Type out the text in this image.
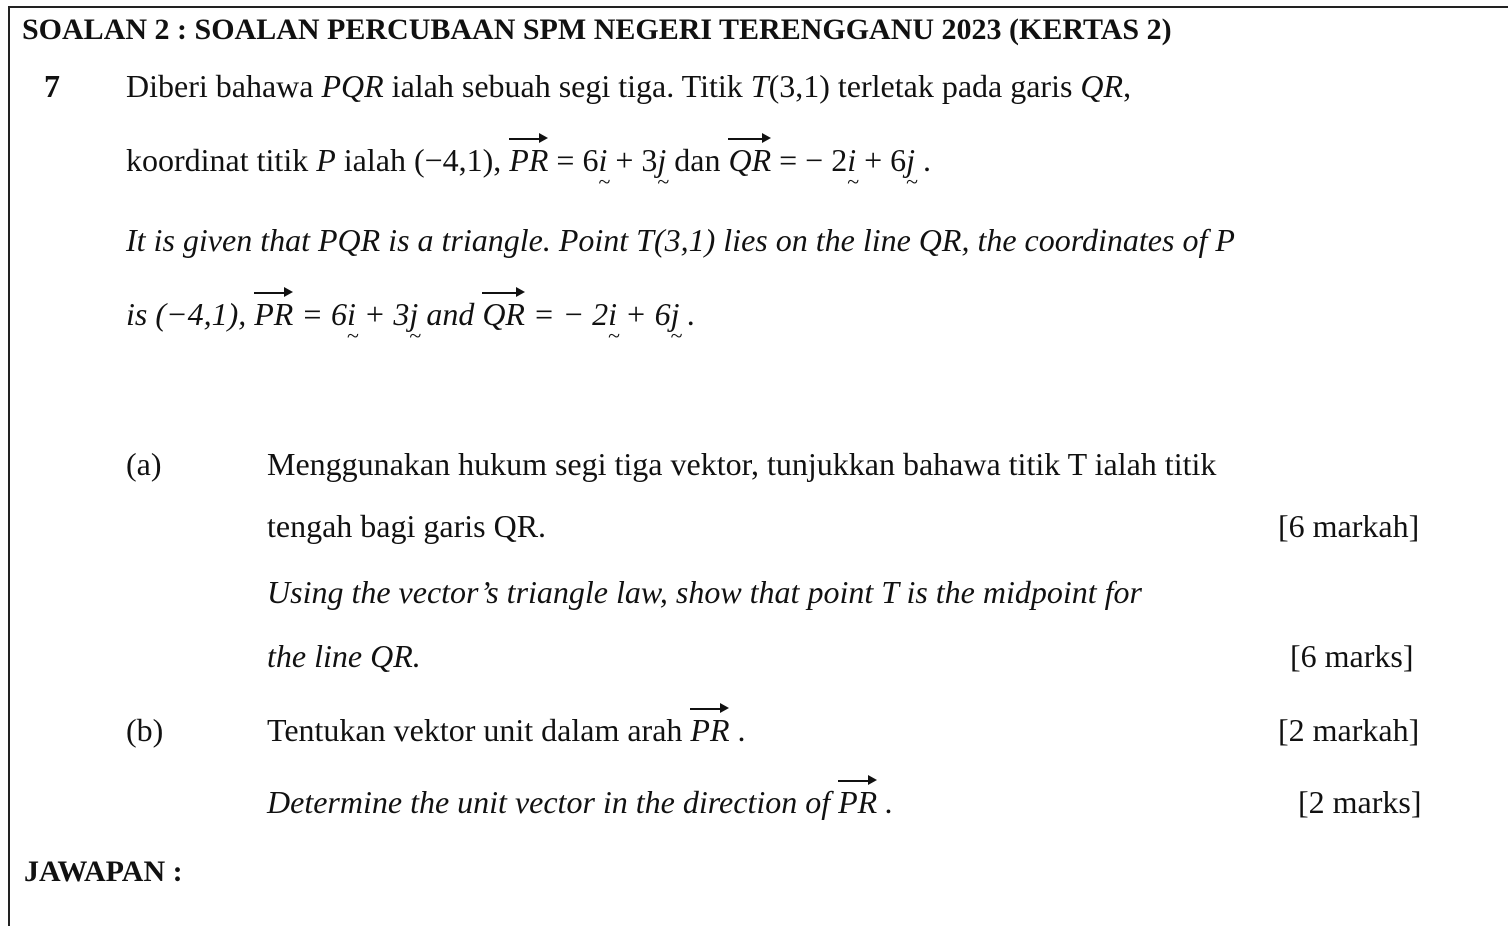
SOALAN 2 : SOALAN PERCUBAAN SPM NEGERI TERENGGANU 2023 (KERTAS 2)
7 Diberi bahawa PQR ialah sebuah segi tiga. Titik T(3,1) terletak pada garis QR,
koordinat titik P ialah (−4,1), PR = 6i ~ + 3j ~ dan QR = − 2i ~ + 6j ~ .
It is given that PQR is a triangle. Point T(3,1) lies on the line QR, the coordinates of P
is (−4,1), PR = 6i ~ + 3j ~ and QR = − 2i ~ + 6j ~ .
(a)	Menggunakan hukum segi tiga vektor, tunjukkan bahawa titik T ialah titik
tengah bagi garis QR.	[6 markah]
Using the vector’s triangle law, show that point T is the midpoint for
the line QR.	[6 marks]
(b)	Tentukan vektor unit dalam arah PR .	[2 markah]
Determine the unit vector in the direction of PR .	[2 marks]
JAWAPAN :
